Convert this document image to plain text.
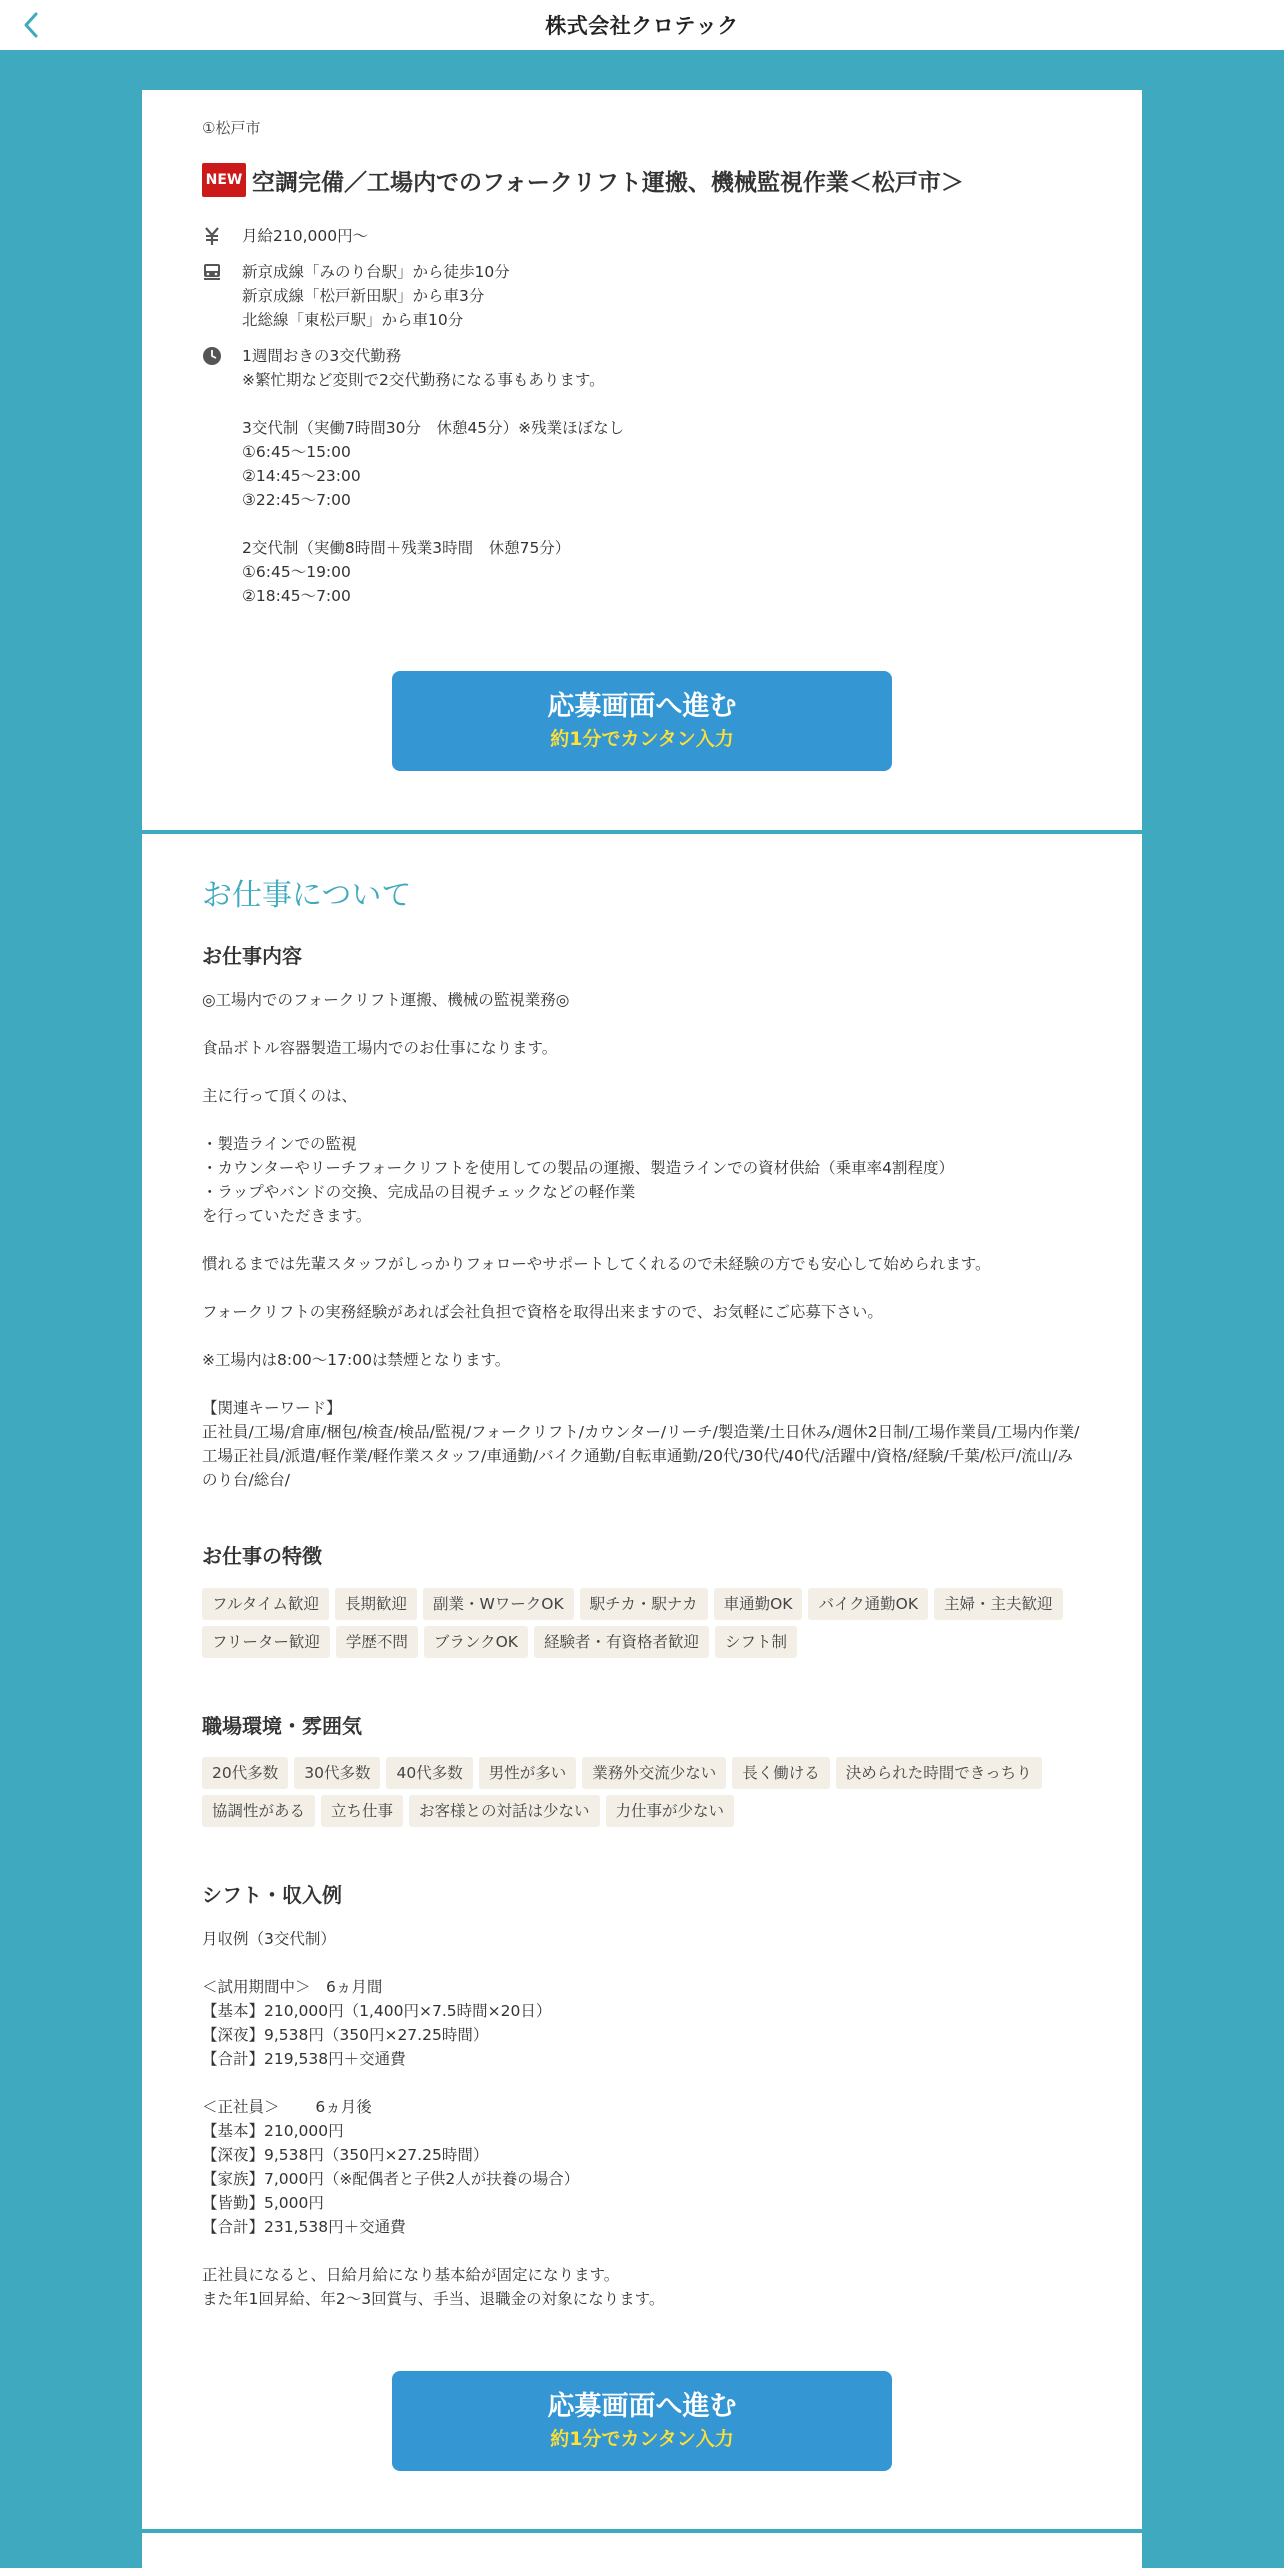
株式会社クロテック
①松戸市
NEW 空調完備／工場内でのフォークリフト運搬、機械監視作業＜松戸市＞
月給210,000円〜
新京成線「みのり台駅」から徒歩10分
新京成線「松戸新田駅」から車3分
北総線「東松戸駅」から車10分
1週間おきの3交代勤務
※繁忙期など変則で2交代勤務になる事もあります。

3交代制（実働7時間30分　休憩45分）※残業ほぼなし
①6:45～15:00
②14:45～23:00
③22:45～7:00

2交代制（実働8時間＋残業3時間　休憩75分）
①6:45～19:00
②18:45～7:00
応募画面へ進む
約1分でカンタン入力
お仕事について
お仕事内容
◎工場内でのフォークリフト運搬、機械の監視業務◎

食品ボトル容器製造工場内でのお仕事になります。

主に行って頂くのは、

・製造ラインでの監視
・カウンターやリーチフォークリフトを使用しての製品の運搬、製造ラインでの資材供給（乗車率4割程度）
・ラップやバンドの交換、完成品の目視チェックなどの軽作業
を行っていただきます。

慣れるまでは先輩スタッフがしっかりフォローやサポートしてくれるので未経験の方でも安心して始められます。

フォークリフトの実務経験があれば会社負担で資格を取得出来ますので、お気軽にご応募下さい。

※工場内は8:00～17:00は禁煙となります。

【関連キーワード】
正社員/工場/倉庫/梱包/検査/検品/監視/フォークリフト/カウンター/リーチ/製造業/土日休み/週休2日制/工場作業員/工場内作業/工場正社員/派遣/軽作業/軽作業スタッフ/車通勤/バイク通勤/自転車通勤/20代/30代/40代/活躍中/資格/経験/千葉/松戸/流山/みのり台/総台/
お仕事の特徴
フルタイム歓迎	長期歓迎	副業・WワークOK	駅チカ・駅ナカ	車通勤OK	バイク通勤OK	主婦・主夫歓迎
フリーター歓迎	学歴不問	ブランクOK	経験者・有資格者歓迎	シフト制
職場環境・雰囲気
20代多数	30代多数	40代多数	男性が多い	業務外交流少ない	長く働ける	決められた時間できっちり
協調性がある	立ち仕事	お客様との対話は少ない	力仕事が少ない
シフト・収入例
月収例（3交代制）

＜試用期間中＞　6ヵ月間
【基本】210,000円（1,400円×7.5時間×20日）
【深夜】9,538円（350円×27.25時間）
【合計】219,538円＋交通費

＜正社員＞　　 6ヵ月後
【基本】210,000円
【深夜】9,538円（350円×27.25時間）
【家族】7,000円（※配偶者と子供2人が扶養の場合）
【皆勤】5,000円
【合計】231,538円＋交通費

正社員になると、日給月給になり基本給が固定になります。
また年1回昇給、年2～3回賞与、手当、退職金の対象になります。
応募画面へ進む
約1分でカンタン入力
